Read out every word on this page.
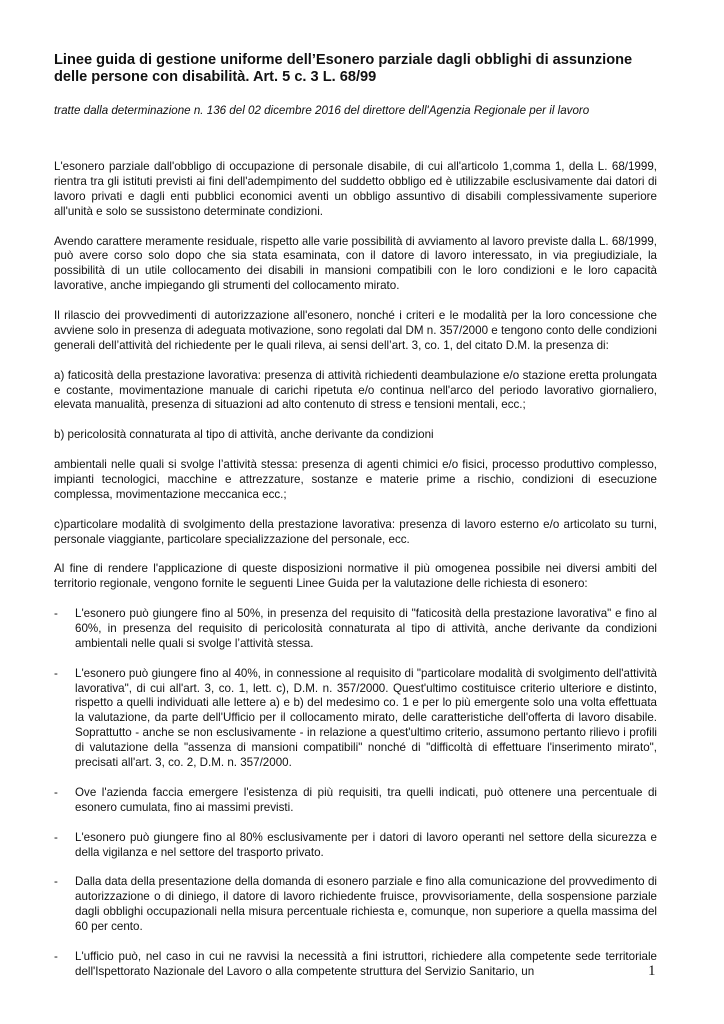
Linee guida di gestione uniforme dell’Esonero parziale dagli obblighi di assunzione delle persone con disabilità. Art. 5 c. 3 L. 68/99
tratte dalla determinazione n. 136 del 02 dicembre 2016 del direttore dell'Agenzia Regionale per il lavoro

L'esonero parziale dall'obbligo di occupazione di personale disabile, di cui all'articolo 1,comma 1, della L. 68/1999, rientra tra gli istituti previsti ai fini dell'adempimento del suddetto obbligo ed è utilizzabile esclusivamente dai datori di lavoro privati e dagli enti pubblici economici aventi un obbligo assuntivo di disabili complessivamente superiore all'unità e solo se sussistono determinate condizioni.

Avendo carattere meramente residuale, rispetto alle varie possibilità di avviamento al lavoro previste dalla L. 68/1999, può avere corso solo dopo che sia stata esaminata, con il datore di lavoro interessato, in via pregiudiziale, la possibilità di un utile collocamento dei disabili in mansioni compatibili con le loro condizioni e le loro capacità lavorative, anche impiegando gli strumenti del collocamento mirato.

Il rilascio dei provvedimenti di autorizzazione all'esonero, nonché i criteri e le modalità per la loro concessione che avviene solo in presenza di adeguata motivazione, sono regolati dal DM n. 357/2000 e tengono conto delle condizioni generali dell’attività del richiedente per le quali rileva, ai sensi dell’art. 3, co. 1, del citato D.M. la presenza di:

a) faticosità della prestazione lavorativa: presenza di attività richiedenti deambulazione e/o stazione eretta prolungata e costante, movimentazione manuale di carichi ripetuta e/o continua nell'arco del periodo lavorativo giornaliero, elevata manualità, presenza di situazioni ad alto contenuto di stress e tensioni mentali, ecc.;

b) pericolosità connaturata al tipo di attività, anche derivante da condizioni

ambientali nelle quali si svolge l’attività stessa: presenza di agenti chimici e/o fisici, processo produttivo complesso, impianti tecnologici, macchine e attrezzature, sostanze e materie prime a rischio, condizioni di esecuzione complessa, movimentazione meccanica ecc.;

c)particolare modalità di svolgimento della prestazione lavorativa: presenza di lavoro esterno e/o articolato su turni, personale viaggiante, particolare specializzazione del personale, ecc.

Al fine di rendere l'applicazione di queste disposizioni normative il più omogenea possibile nei diversi ambiti del territorio regionale, vengono fornite le seguenti Linee Guida per la valutazione delle richiesta di esonero:

-	L'esonero può giungere fino al 50%, in presenza del requisito di "faticosità della prestazione lavorativa" e fino al 60%, in presenza del requisito di pericolosità connaturata al tipo di attività, anche derivante da condizioni ambientali nelle quali si svolge l’attività stessa.
-	L'esonero può giungere fino al 40%, in connessione al requisito di "particolare modalità di svolgimento dell'attività lavorativa", di cui all'art. 3, co. 1, lett. c), D.M. n. 357/2000. Quest'ultimo costituisce criterio ulteriore e distinto, rispetto a quelli individuati alle lettere a) e b) del medesimo co. 1 e per lo più emergente solo una volta effettuata la valutazione, da parte dell'Ufficio per il collocamento mirato, delle caratteristiche dell'offerta di lavoro disabile. Soprattutto - anche se non esclusivamente - in relazione a quest'ultimo criterio, assumono pertanto rilievo i profili di valutazione della "assenza di mansioni compatibili" nonché di "difficoltà di effettuare l'inserimento mirato", precisati all'art. 3, co. 2, D.M. n. 357/2000.
-	Ove l'azienda faccia emergere l'esistenza di più requisiti, tra quelli indicati, può ottenere una percentuale di esonero cumulata, fino ai massimi previsti.
-	L'esonero può giungere fino al 80% esclusivamente per i datori di lavoro operanti nel settore della sicurezza e della vigilanza e nel settore del trasporto privato.
-	Dalla data della presentazione della domanda di esonero parziale e fino alla comunicazione del provvedimento di autorizzazione o di diniego, il datore di lavoro richiedente fruisce, provvisoriamente, della sospensione parziale dagli obblighi occupazionali nella misura percentuale richiesta e, comunque, non superiore a quella massima del 60 per cento.
-	L'ufficio può, nel caso in cui ne ravvisi la necessità a fini istruttori, richiedere alla competente sede territoriale dell'Ispettorato Nazionale del Lavoro o alla competente struttura del Servizio Sanitario, un	1
